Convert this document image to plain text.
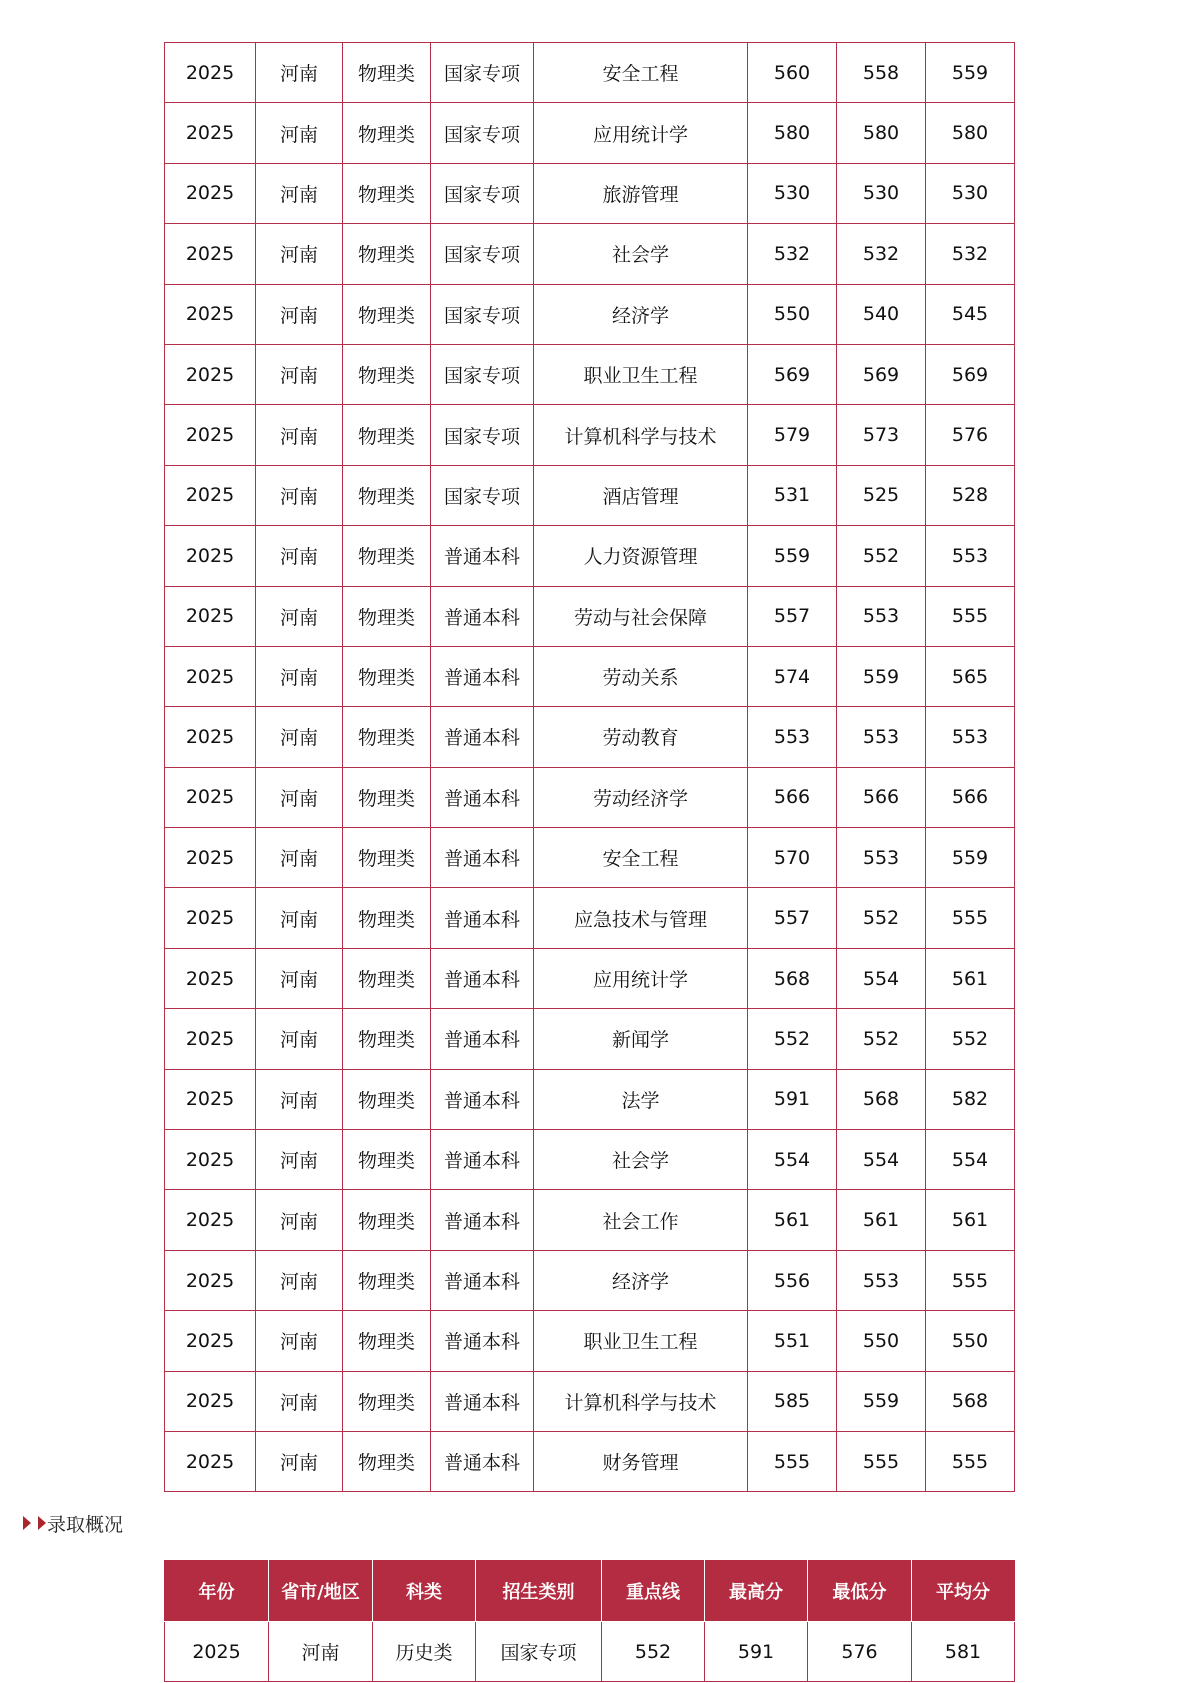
2025	河南	物理类	国家专项	安全工程	560	558	559
2025	河南	物理类	国家专项	应用统计学	580	580	580
2025	河南	物理类	国家专项	旅游管理	530	530	530
2025	河南	物理类	国家专项	社会学	532	532	532
2025	河南	物理类	国家专项	经济学	550	540	545
2025	河南	物理类	国家专项	职业卫生工程	569	569	569
2025	河南	物理类	国家专项	计算机科学与技术	579	573	576
2025	河南	物理类	国家专项	酒店管理	531	525	528
2025	河南	物理类	普通本科	人力资源管理	559	552	553
2025	河南	物理类	普通本科	劳动与社会保障	557	553	555
2025	河南	物理类	普通本科	劳动关系	574	559	565
2025	河南	物理类	普通本科	劳动教育	553	553	553
2025	河南	物理类	普通本科	劳动经济学	566	566	566
2025	河南	物理类	普通本科	安全工程	570	553	559
2025	河南	物理类	普通本科	应急技术与管理	557	552	555
2025	河南	物理类	普通本科	应用统计学	568	554	561
2025	河南	物理类	普通本科	新闻学	552	552	552
2025	河南	物理类	普通本科	法学	591	568	582
2025	河南	物理类	普通本科	社会学	554	554	554
2025	河南	物理类	普通本科	社会工作	561	561	561
2025	河南	物理类	普通本科	经济学	556	553	555
2025	河南	物理类	普通本科	职业卫生工程	551	550	550
2025	河南	物理类	普通本科	计算机科学与技术	585	559	568
2025	河南	物理类	普通本科	财务管理	555	555	555
录取概况
年份	省市/地区	科类	招生类别	重点线	最高分	最低分	平均分
2025	河南	历史类	国家专项	552	591	576	581
